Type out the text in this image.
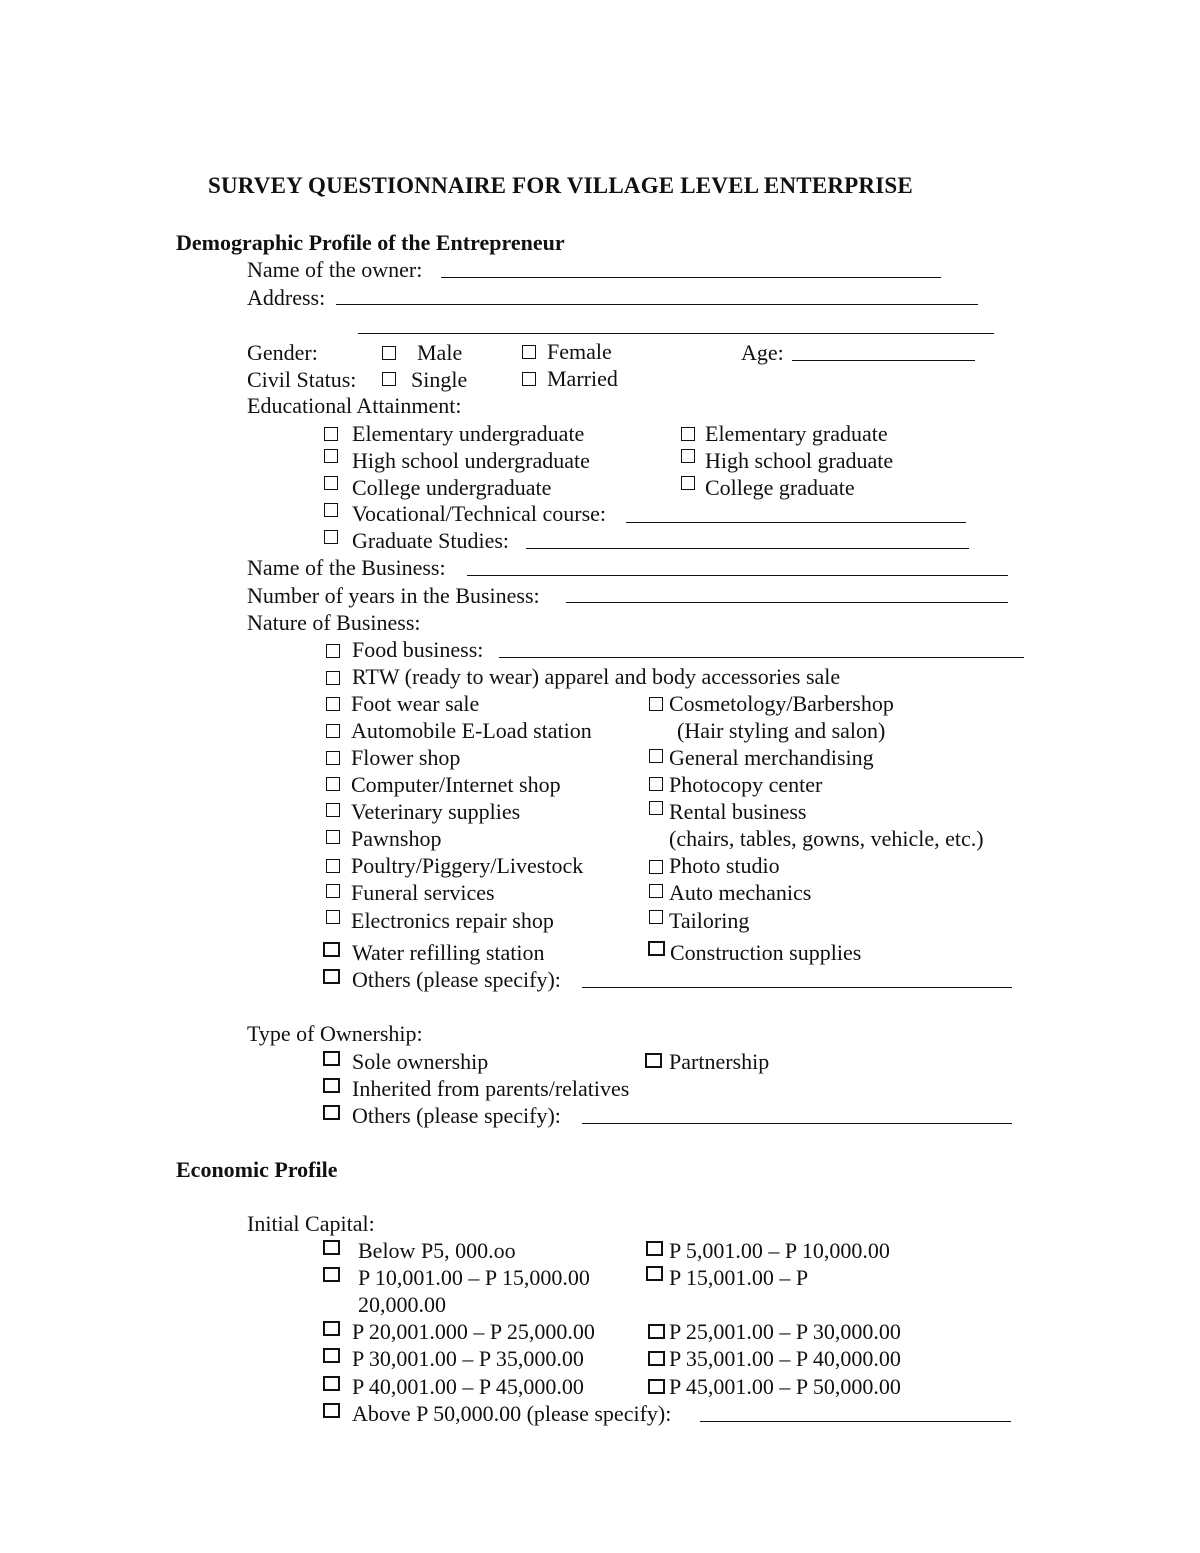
SURVEY QUESTIONNAIRE FOR VILLAGE LEVEL ENTERPRISE
Demographic Profile of the Entrepreneur
Name of the owner:
Address:
Gender:	Male	Female	Age:
Civil Status: Single	Married
Educational Attainment:
Elementary undergraduate	Elementary graduate
High school undergraduate	High school graduate
College undergraduate	College graduate
Vocational/Technical course:
Graduate Studies:
Name of the Business:
Number of years in the Business:
Nature of Business:
Food business:
RTW (ready to wear) apparel and body accessories sale
Foot wear sale	Cosmetology/Barbershop
Automobile E-Load station	(Hair styling and salon)
Flower shop	General merchandising
Computer/Internet shop	Photocopy center
Veterinary supplies	Rental business
Pawnshop	(chairs, tables, gowns, vehicle, etc.)
Poultry/Piggery/Livestock	Photo studio
Funeral services	Auto mechanics
Electronics repair shop	Tailoring
Water refilling station	Construction supplies
Others (please specify):
Type of Ownership:
Sole ownership	Partnership
Inherited from parents/relatives
Others (please specify):
Economic Profile
Initial Capital:
Below P5, 000.oo	P 5,001.00 – P 10,000.00
P 10,001.00 – P 15,000.00	P 15,001.00 – P
20,000.00
P 20,001.000 – P 25,000.00	P 25,001.00 – P 30,000.00
P 30,001.00 – P 35,000.00	P 35,001.00 – P 40,000.00
P 40,001.00 – P 45,000.00	P 45,001.00 – P 50,000.00
Above P 50,000.00 (please specify):
